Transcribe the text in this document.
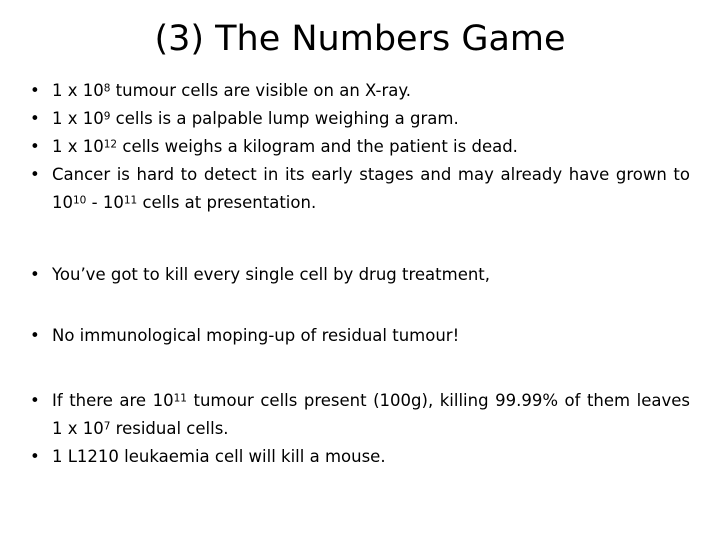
(3) The Numbers Game
• 1 x $10^8$ tumour cells are visible on an X-ray.
• 1 x $10^9$ cells is a palpable lump weighing a gram.
• 1 x $10^{12}$ cells weighs a kilogram and the patient is dead.
• Cancer is hard to detect in its early stages and may already have grown to $10^{10} - 10^{11}$ cells at presentation.
• You’ve got to kill every single cell by drug treatment,
• No immunological moping-up of residual tumour!
• If there are $10^{11}$ tumour cells present (100g), killing 99.99% of them leaves 1 x $10^7$ residual cells.
• 1 L1210 leukaemia cell will kill a mouse.
